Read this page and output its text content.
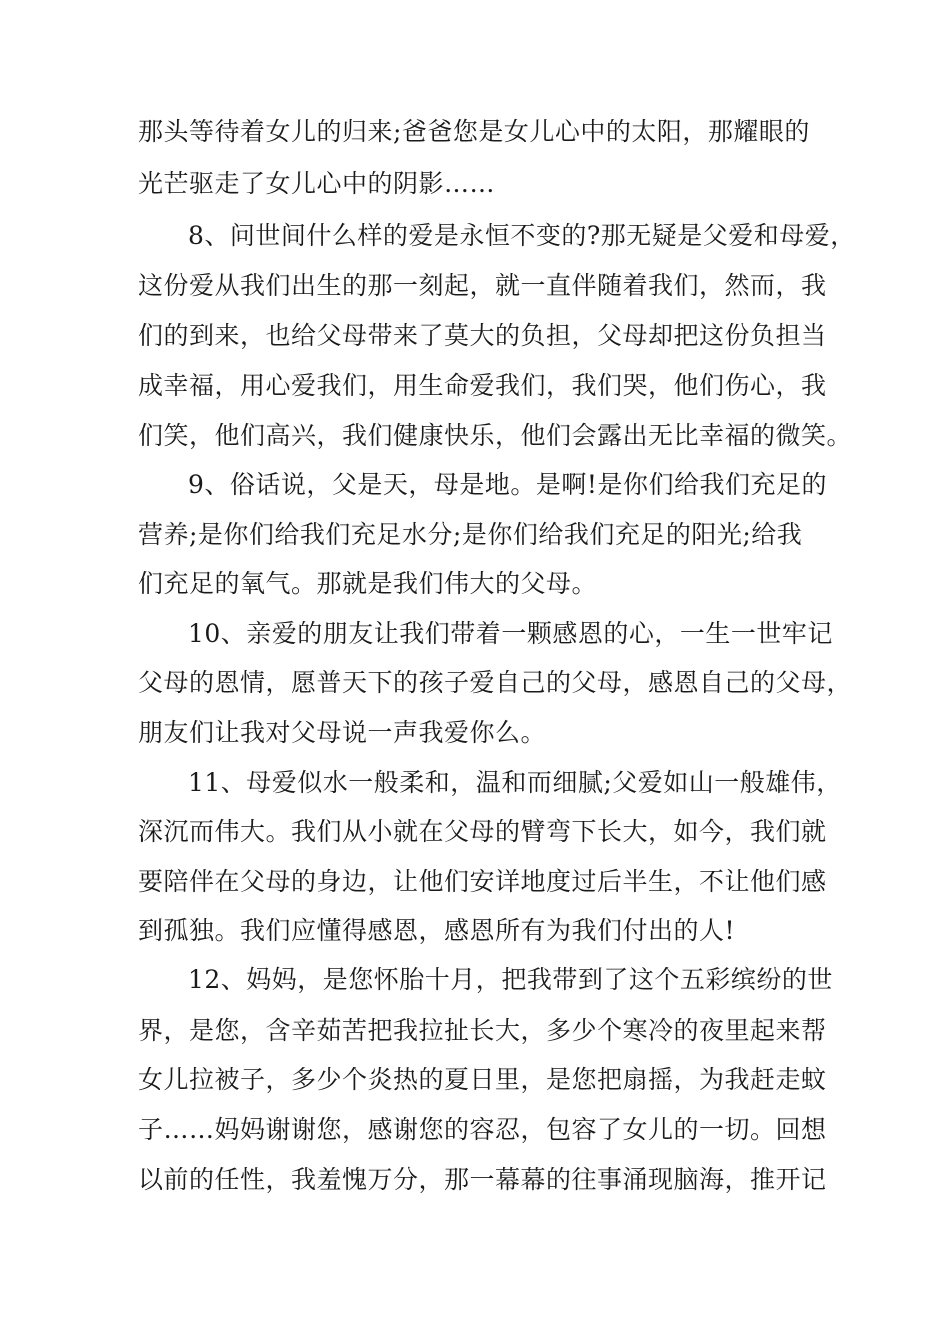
那头等待着女儿的归来;爸爸您是女儿心中的太阳，那耀眼的
光芒驱走了女儿心中的阴影……
8、问世间什么样的爱是永恒不变的?那无疑是父爱和母爱，
这份爱从我们出生的那一刻起，就一直伴随着我们，然而，我
们的到来，也给父母带来了莫大的负担，父母却把这份负担当
成幸福，用心爱我们，用生命爱我们，我们哭，他们伤心，我
们笑，他们高兴，我们健康快乐，他们会露出无比幸福的微笑。
9、俗话说，父是天，母是地。是啊!是你们给我们充足的
营养;是你们给我们充足水分;是你们给我们充足的阳光;给我
们充足的氧气。那就是我们伟大的父母。
10、亲爱的朋友让我们带着一颗感恩的心，一生一世牢记
父母的恩情，愿普天下的孩子爱自己的父母，感恩自己的父母，
朋友们让我对父母说一声我爱你么。
11、母爱似水一般柔和，温和而细腻;父爱如山一般雄伟，
深沉而伟大。我们从小就在父母的臂弯下长大，如今，我们就
要陪伴在父母的身边，让他们安详地度过后半生，不让他们感
到孤独。我们应懂得感恩，感恩所有为我们付出的人!
12、妈妈，是您怀胎十月，把我带到了这个五彩缤纷的世
界，是您，含辛茹苦把我拉扯长大，多少个寒冷的夜里起来帮
女儿拉被子，多少个炎热的夏日里，是您把扇摇，为我赶走蚊
子……妈妈谢谢您，感谢您的容忍，包容了女儿的一切。回想
以前的任性，我羞愧万分，那一幕幕的往事涌现脑海，推开记
